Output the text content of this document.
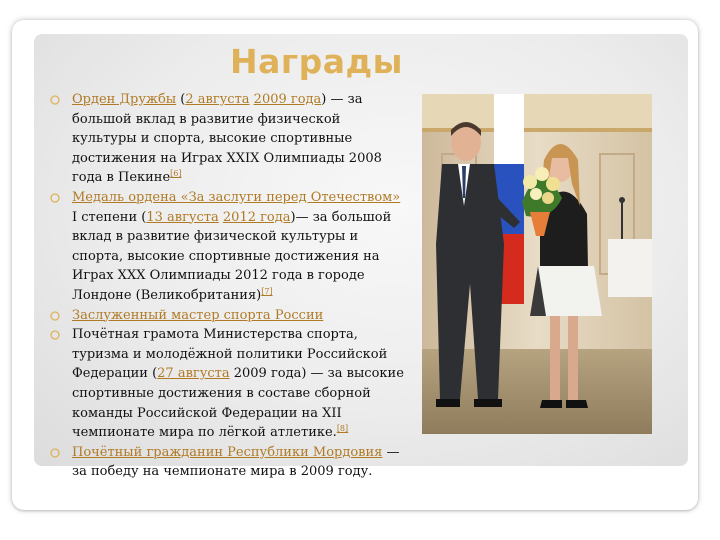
Награды
Орден Дружбы (2 августа 2009 года) — за большой вклад в развитие физической культуры и спорта, высокие спортивные достижения на Играх XXIX Олимпиады 2008 года в Пекине[6]
Медаль ордена «За заслуги перед Отечеством» I степени (13 августа 2012 года)— за большой вклад в развитие физической культуры и спорта, высокие спортивные достижения на Играх XXX Олимпиады 2012 года в городе Лондоне (Великобритания)[7]
Заслуженный мастер спорта России
Почётная грамота Министерства спорта, туризма и молодёжной политики Российской Федерации (27 августа 2009 года) — за высокие спортивные достижения в составе сборной команды Российской Федерации на XII чемпионате мира по лёгкой атлетике.[8]
Почётный гражданин Республики Мордовия — за победу на чемпионате мира в 2009 году.
